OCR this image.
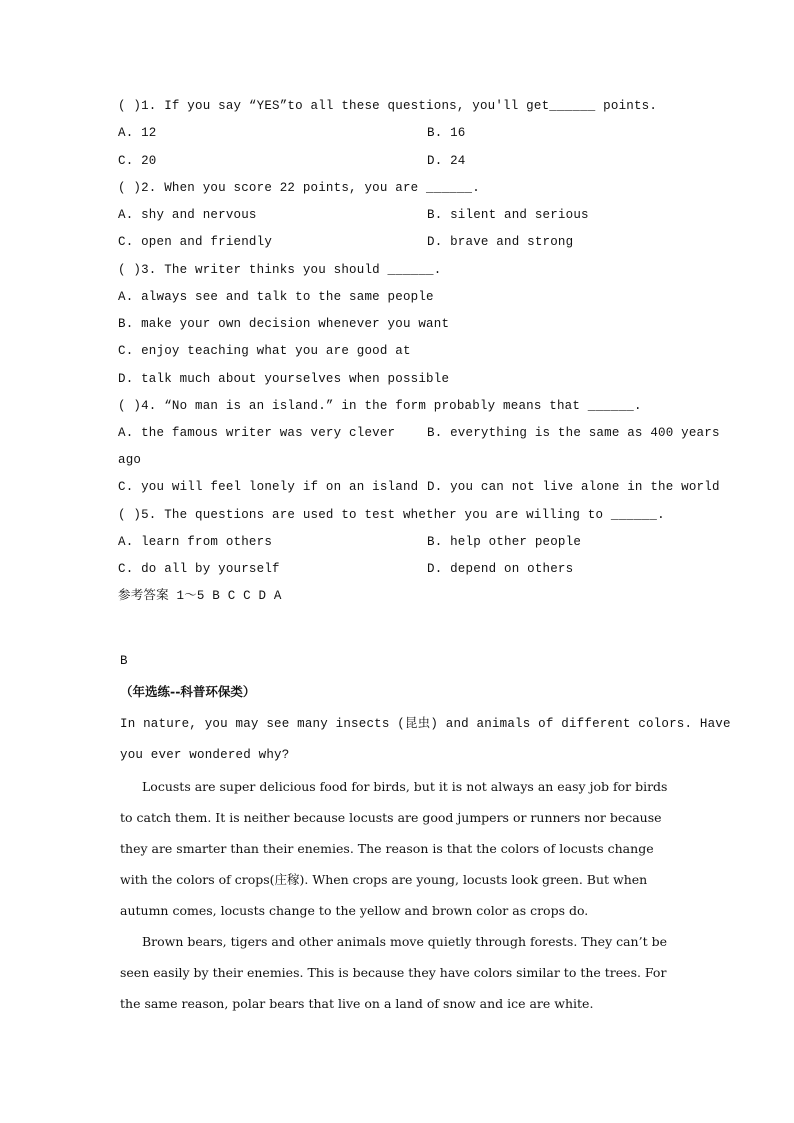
( )1. If you say “YES”to all these questions, you'll get______ points.
A. 12	B. 16
C. 20	D. 24
( )2. When you score 22 points, you are ______.
A. shy and nervous	B. silent and serious
C. open and friendly	D. brave and strong
( )3. The writer thinks you should ______.
A. always see and talk to the same people
B. make your own decision whenever you want
C. enjoy teaching what you are good at
D. talk much about yourselves when possible
( )4. “No man is an island.” in the form probably means that ______.
A. the famous writer was very clever	B. everything is the same as 400 years
ago
C. you will feel lonely if on an island D. you can not live alone in the world
( )5. The questions are used to test whether you are willing to ______.
A. learn from others	B. help other people
C. do all by yourself	D. depend on others
参考答案 1～5 B C C D A
B
（年选练--科普环保类）
In nature, you may see many insects (昆虫) and animals of different colors. Have
you ever wondered why?

Locusts are super delicious food for birds, but it is not always an easy job for birds to catch them. It is neither because locusts are good jumpers or runners nor because they are smarter than their enemies. The reason is that the colors of locusts change with the colors of crops(庄稼). When crops are young, locusts look green. But when autumn comes, locusts change to the yellow and brown color as crops do.

Brown bears, tigers and other animals move quietly through forests. They can’t be seen easily by their enemies. This is because they have colors similar to the trees. For the same reason, polar bears that live on a land of snow and ice are white.
